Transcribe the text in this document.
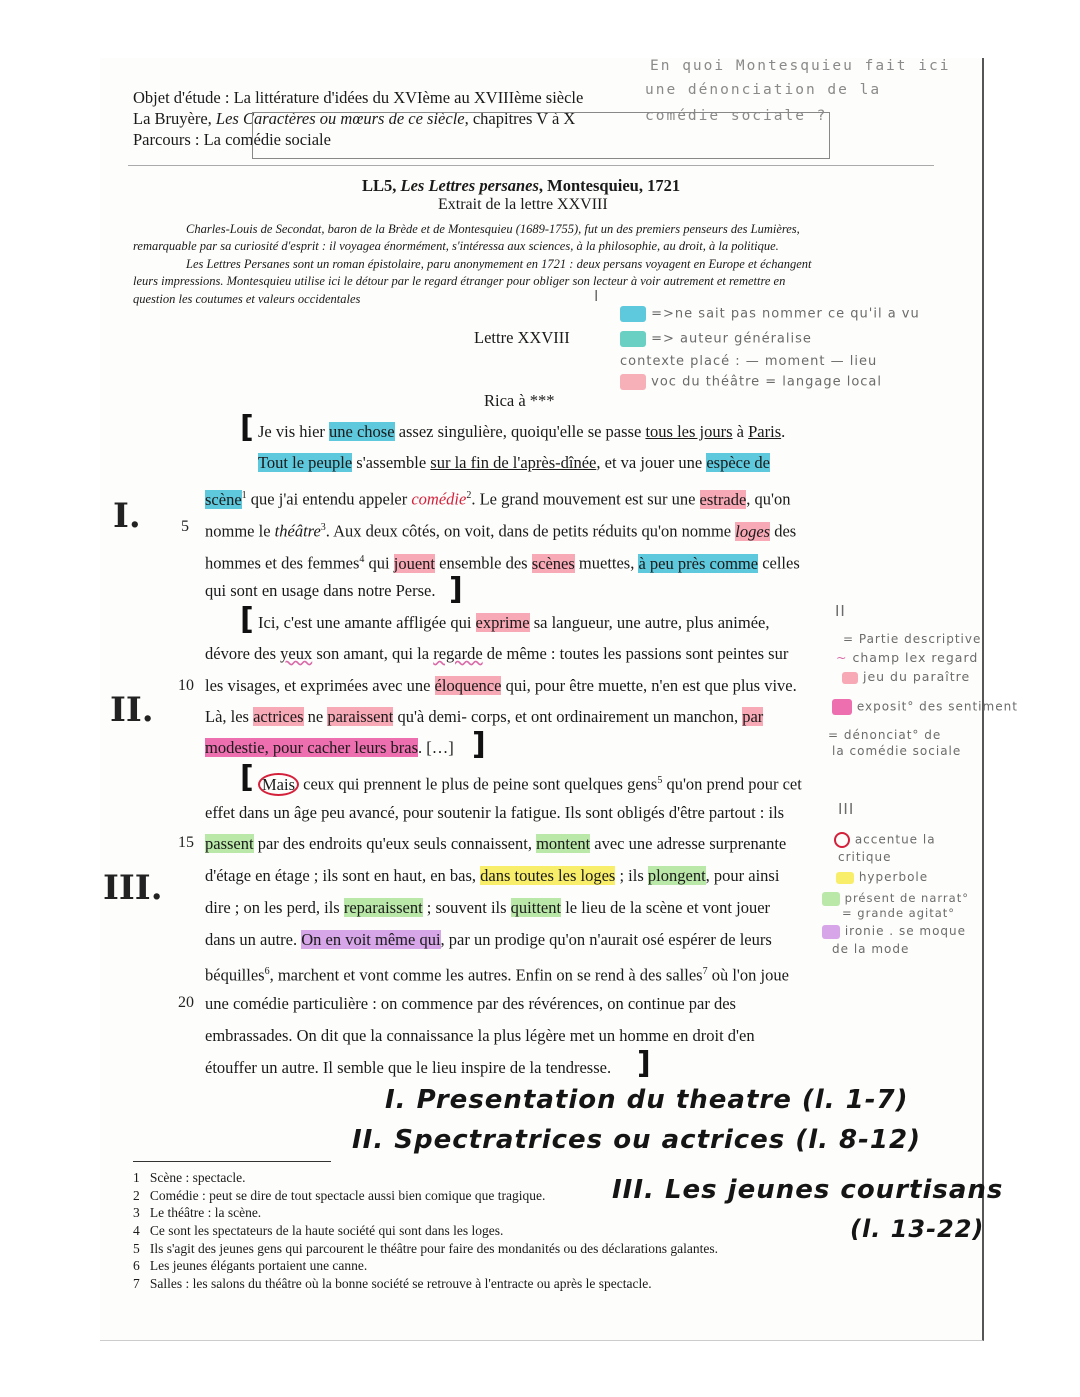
Objet d'étude : La littérature d'idées du XVIème au XVIIIème siècle
La Bruyère, Les Caractères ou mœurs de ce siècle, chapitres V à X
Parcours : La comédie sociale
En quoi Montesquieu fait ici
une dénonciation de la
comédie sociale ?
LL5, Les Lettres persanes, Montesquieu, 1721
Extrait de la lettre XXVIII
Charles-Louis de Secondat, baron de la Brède et de Montesquieu (1689-1755), fut un des premiers penseurs des Lumières,
remarquable par sa curiosité d'esprit : il voyagea énormément, s'intéressa aux sciences, à la philosophie, au droit, à la politique.
Les Lettres Persanes sont un roman épistolaire, paru anonymement en 1721 : deux persans voyagent en Europe et échangent
leurs impressions. Montesquieu utilise ici le détour par le regard étranger pour obliger son lecteur à voir autrement et remettre en
question les coutumes et valeurs occidentales	I
=>ne sait pas nommer ce qu'il a vu
=> auteur généralise
contexte placé : — moment — lieu
voc du théâtre = langage local
Lettre XXVIII
Rica à ***
I.
II.
III.
5
10
15
20
[
]
[
]
[
]
Je vis hier une chose assez singulière, quoiqu'elle se passe tous les jours à Paris.
Tout le peuple s'assemble sur la fin de l'après-dînée, et va jouer une espèce de
scène$^1$ que j'ai entendu appeler comédie$^2$. Le grand mouvement est sur une estrade, qu'on
nomme le théâtre$^3$. Aux deux côtés, on voit, dans de petits réduits qu'on nomme loges des
hommes et des femmes$^4$ qui jouent ensemble des scènes muettes, à peu près comme celles
qui sont en usage dans notre Perse.
Ici, c'est une amante affligée qui exprime sa langueur, une autre, plus animée,
dévore des yeux son amant, qui la regarde de même : toutes les passions sont peintes sur
les visages, et exprimées avec une éloquence qui, pour être muette, n'en est que plus vive.
Là, les actrices ne paraissent qu'à demi- corps, et ont ordinairement un manchon, par
modestie, pour cacher leurs bras. […]
Mais ceux qui prennent le plus de peine sont quelques gens$^5$ qu'on prend pour cet
effet dans un âge peu avancé, pour soutenir la fatigue. Ils sont obligés d'être partout : ils
passent par des endroits qu'eux seuls connaissent, montent avec une adresse surprenante
d'étage en étage ; ils sont en haut, en bas, dans toutes les loges ; ils plongent, pour ainsi
dire ; on les perd, ils reparaissent ; souvent ils quittent le lieu de la scène et vont jouer
dans un autre. On en voit même qui, par un prodige qu'on n'aurait osé espérer de leurs
béquilles$^6$, marchent et vont comme les autres. Enfin on se rend à des salles$^7$ où l'on joue
une comédie particulière : on commence par des révérences, on continue par des
embrassades. On dit que la connaissance la plus légère met un homme en droit d'en
étouffer un autre. Il semble que le lieu inspire de la tendresse.
II
= Partie descriptive
~ champ lex regard
jeu du paraître
exposit° des sentiment
= dénonciat° de
la comédie sociale
III
accentue la
critique
hyperbole
présent de narrat°
= grande agitat°
ironie . se moque
de la mode
I. Presentation du theatre (l. 1-7)
II. Spectratrices ou actrices (l. 8-12)
III. Les jeunes courtisans
(l. 13-22)
1 Scène : spectacle.
2 Comédie : peut se dire de tout spectacle aussi bien comique que tragique.
3 Le théâtre : la scène.
4 Ce sont les spectateurs de la haute société qui sont dans les loges.
5 Ils s'agit des jeunes gens qui parcourent le théâtre pour faire des mondanités ou des déclarations galantes.
6 Les jeunes élégants portaient une canne.
7 Salles : les salons du théâtre où la bonne société se retrouve à l'entracte ou après le spectacle.
